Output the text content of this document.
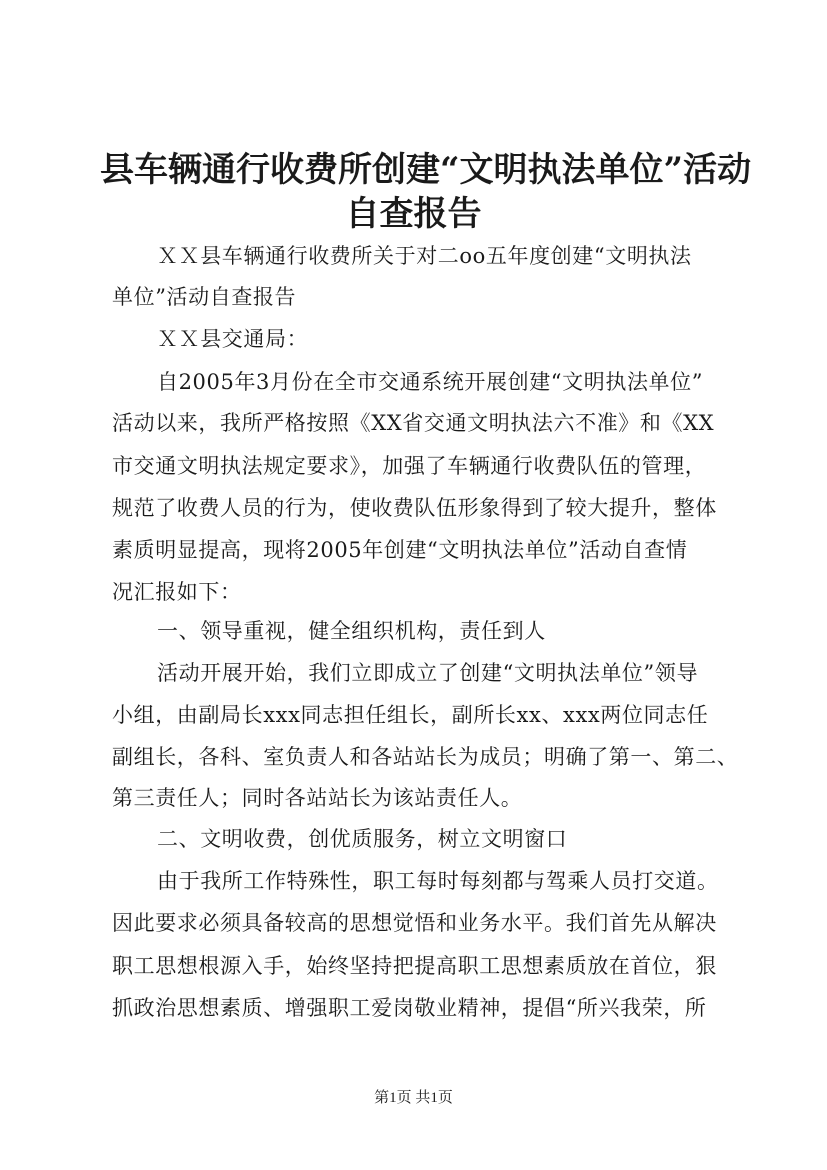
县车辆通行收费所创建“文明执法单位”活动
自查报告
ＸＸ县车辆通行收费所关于对二oo五年度创建“文明执法
单位”活动自查报告
ＸＸ县交通局：
自2005年3月份在全市交通系统开展创建“文明执法单位”
活动以来，我所严格按照《XX省交通文明执法六不准》和《XX
市交通文明执法规定要求》，加强了车辆通行收费队伍的管理，
规范了收费人员的行为，使收费队伍形象得到了较大提升，整体
素质明显提高，现将2005年创建“文明执法单位”活动自查情
况汇报如下：
一、领导重视，健全组织机构，责任到人
活动开展开始，我们立即成立了创建“文明执法单位”领导
小组，由副局长xxx同志担任组长，副所长xx、xxx两位同志任
副组长，各科、室负责人和各站站长为成员；明确了第一、第二、
第三责任人；同时各站站长为该站责任人。
二、文明收费，创优质服务，树立文明窗口
由于我所工作特殊性，职工每时每刻都与驾乘人员打交道。
因此要求必须具备较高的思想觉悟和业务水平。我们首先从解决
职工思想根源入手，始终坚持把提高职工思想素质放在首位，狠
抓政治思想素质、增强职工爱岗敬业精神，提倡“所兴我荣，所
第1页 共1页
